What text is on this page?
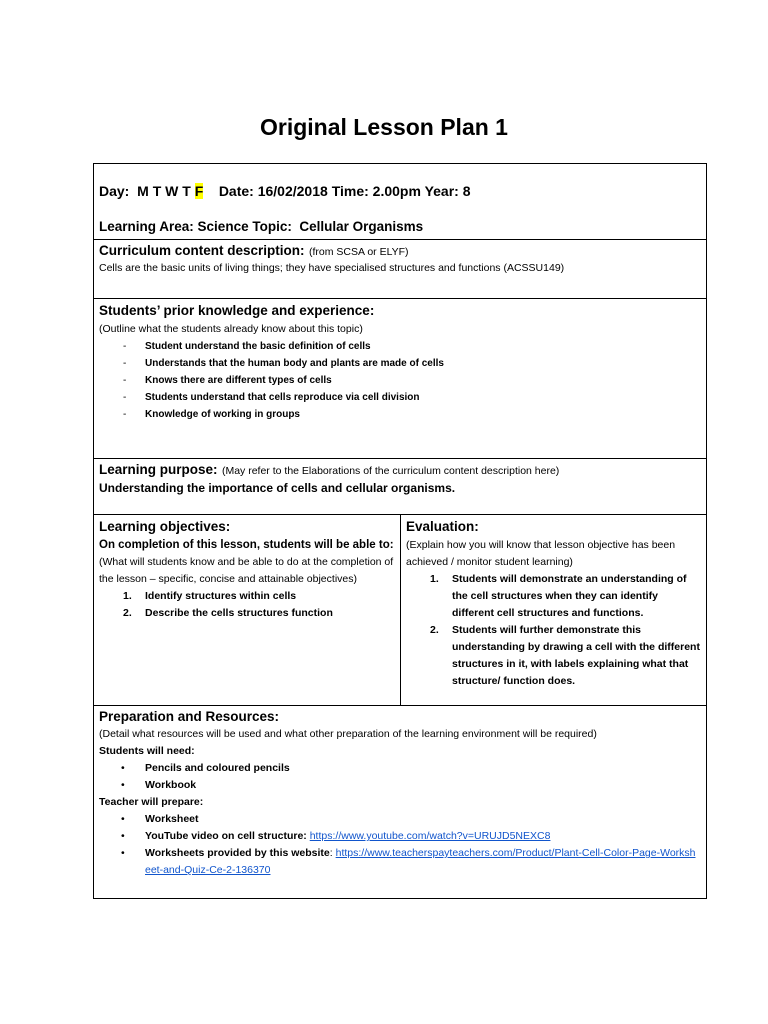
Original Lesson Plan 1
Day: M T W T F Date: 16/02/2018 Time: 2.00pm Year: 8
Learning Area: Science Topic: Cellular Organisms
Curriculum content description: (from SCSA or ELYF)
Cells are the basic units of living things; they have specialised structures and functions (ACSSU149)
Students’ prior knowledge and experience:
(Outline what the students already know about this topic)
- Student understand the basic definition of cells
- Understands that the human body and plants are made of cells
- Knows there are different types of cells
- Students understand that cells reproduce via cell division
- Knowledge of working in groups
Learning purpose: (May refer to the Elaborations of the curriculum content description here)
Understanding the importance of cells and cellular organisms.
Learning objectives:
On completion of this lesson, students will be able to:
(What will students know and be able to do at the completion of the lesson – specific, concise and attainable objectives)
1. Identify structures within cells
2. Describe the cells structures function
Evaluation:
(Explain how you will know that lesson objective has been achieved / monitor student learning)
1. Students will demonstrate an understanding of the cell structures when they can identify different cell structures and functions.
2. Students will further demonstrate this understanding by drawing a cell with the different structures in it, with labels explaining what that structure/ function does.
Preparation and Resources:
(Detail what resources will be used and what other preparation of the learning environment will be required)
Students will need:
• Pencils and coloured pencils
• Workbook
Teacher will prepare:
• Worksheet
• YouTube video on cell structure: https://www.youtube.com/watch?v=URUJD5NEXC8
• Worksheets provided by this website: https://www.teacherspayteachers.com/Product/Plant-Cell-Color-Page-Worksheet-and-Quiz-Ce-2-136370
